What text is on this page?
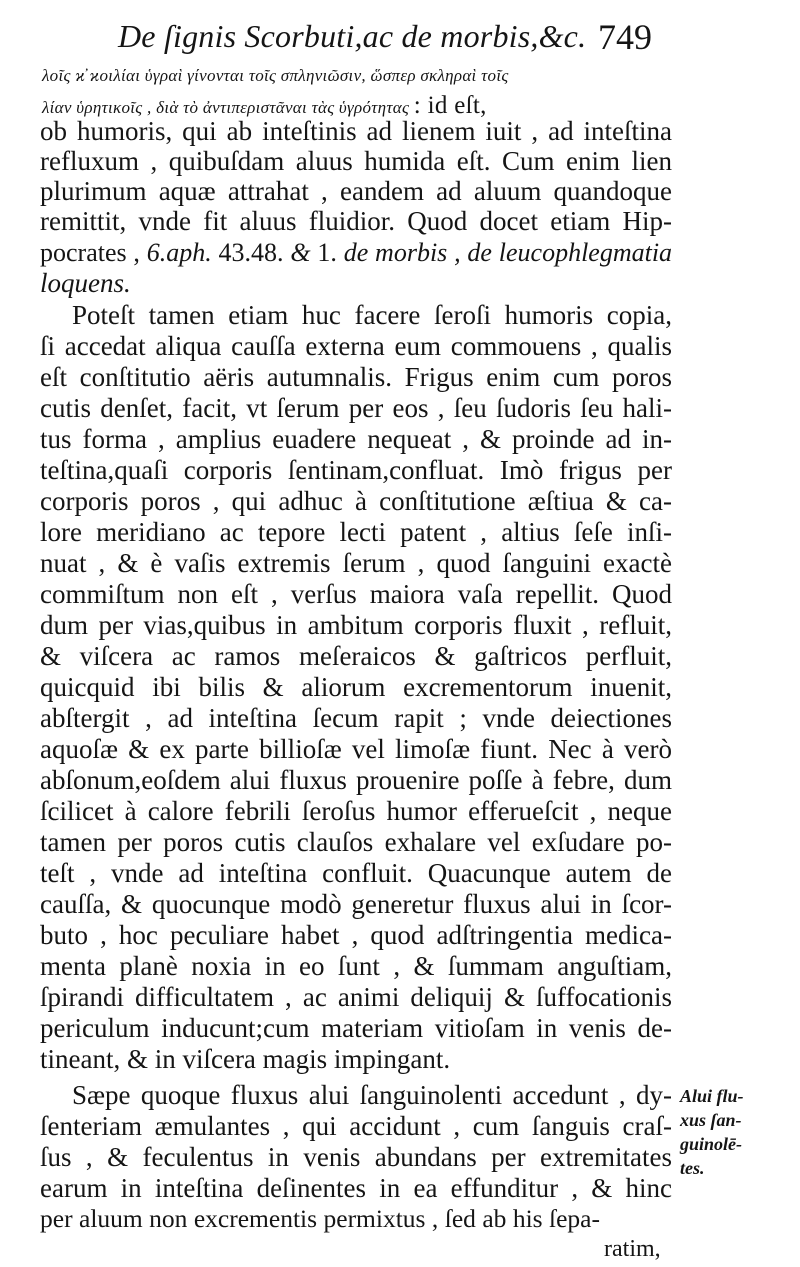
De ſignis Scorbuti,ac de morbis,&c. 749
λοῖς ϰ̓ ϰοιλίαι ὑγραὶ γίνονται τοῖς σπληνιῶσιν, ὥσπερ σκληραὶ τοῖς
λίαν ὑρητικοῖς , διὰ τὸ ἀντιπεριστᾶναι τὰς ὑγρότητας : id eſt,
ob humoris, qui ab inteſtinis ad lienem iuit , ad inteſtina
refluxum , quibuſdam aluus humida eſt. Cum enim lien
plurimum aquæ attrahat , eandem ad aluum quandoque
remittit, vnde fit aluus fluidior. Quod docet etiam Hip-
pocrates , 6.aph. 43.48. & 1. de morbis , de leucophlegmatia
loquens.
Poteſt tamen etiam huc facere ſeroſi humoris copia,
ſi accedat aliqua cauſſa externa eum commouens , qualis
eſt conſtitutio aëris autumnalis. Frigus enim cum poros
cutis denſet, facit, vt ſerum per eos , ſeu ſudoris ſeu hali-
tus forma , amplius euadere nequeat , & proinde ad in-
teſtina,quaſi corporis ſentinam,confluat. Imò frigus per
corporis poros , qui adhuc à conſtitutione æſtiua & ca-
lore meridiano ac tepore lecti patent , altius ſeſe inſi-
nuat , & è vaſis extremis ſerum , quod ſanguini exactè
commiſtum non eſt , verſus maiora vaſa repellit. Quod
dum per vias,quibus in ambitum corporis fluxit , refluit,
& viſcera ac ramos meſeraicos & gaſtricos perfluit,
quicquid ibi bilis & aliorum excrementorum inuenit,
abſtergit , ad inteſtina ſecum rapit ; vnde deiectiones
aquoſæ & ex parte billioſæ vel limoſæ fiunt. Nec à verò
abſonum,eoſdem alui fluxus prouenire poſſe à febre, dum
ſcilicet à calore febrili ſeroſus humor efferueſcit , neque
tamen per poros cutis clauſos exhalare vel exſudare po-
teſt , vnde ad inteſtina confluit. Quacunque autem de
cauſſa, & quocunque modò generetur fluxus alui in ſcor-
buto , hoc peculiare habet , quod adſtringentia medica-
menta planè noxia in eo ſunt , & ſummam anguſtiam,
ſpirandi difficultatem , ac animi deliquij & ſuffocationis
periculum inducunt;cum materiam vitioſam in venis de-
tineant, & in viſcera magis impingant.
Sæpe quoque fluxus alui ſanguinolenti accedunt , dy-
ſenteriam æmulantes , qui accidunt , cum ſanguis craſ-
ſus , & feculentus in venis abundans per extremitates
earum in inteſtina deſinentes in ea effunditur , & hinc
per aluum non excrementis permixtus , ſed ab his ſepa-
Alui flu-
xus ſan-
guinolē-
tes.
ratim,
